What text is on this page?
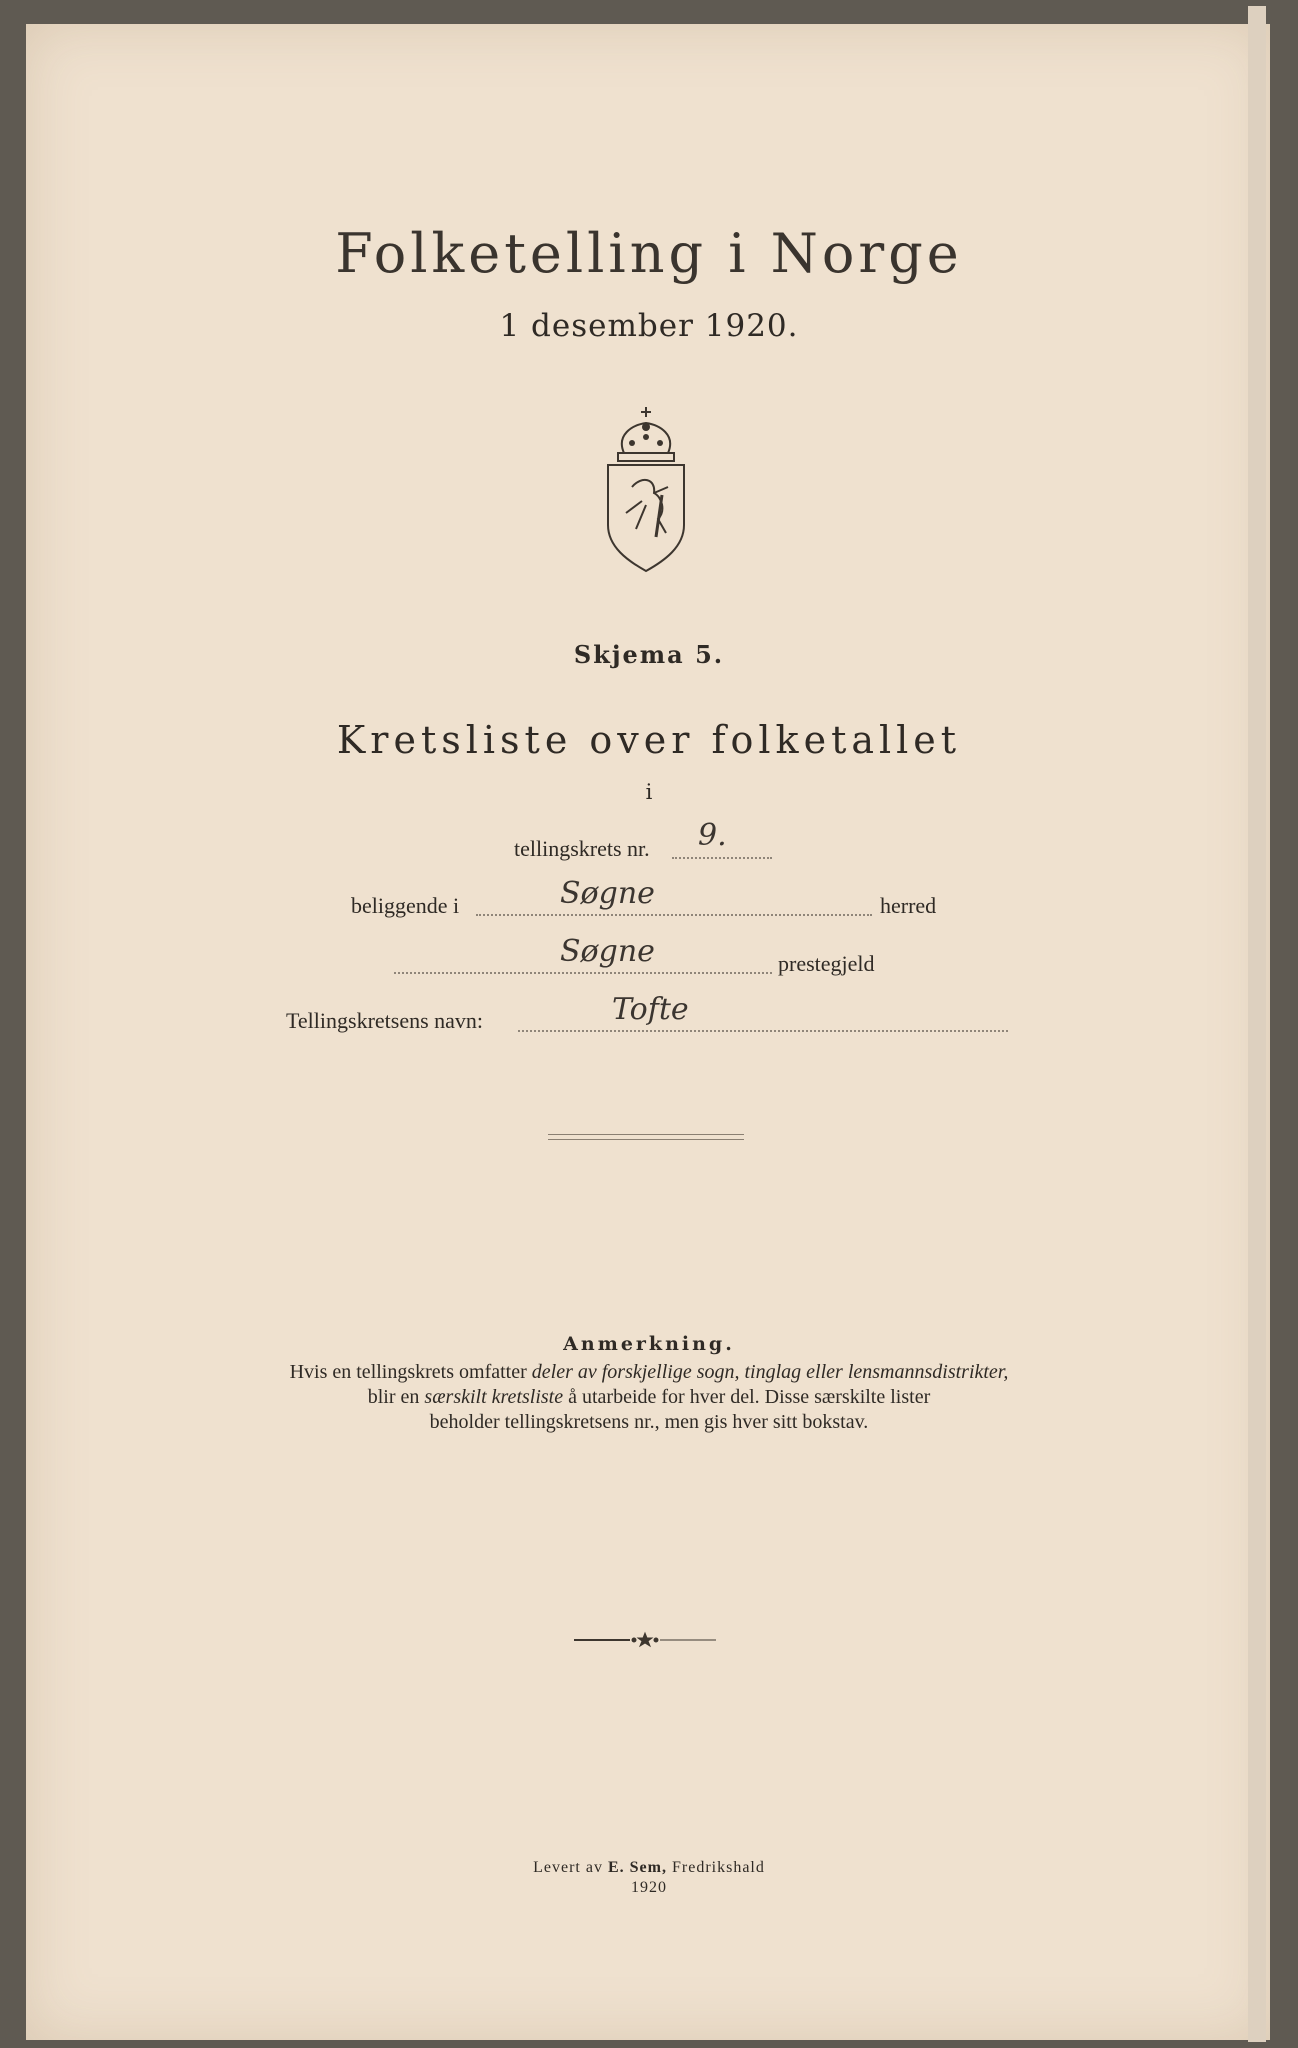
Folketelling i Norge
1 desember 1920.
Skjema 5.
Kretsliste over folketallet
i
tellingskrets nr. 9.
beliggende i	Søgne	herred
Søgne	prestegjeld
Tellingskretsens navn:	Tofte
Anmerkning.
Hvis en tellingskrets omfatter deler av forskjellige sogn, tinglag eller lensmannsdistrikter,
blir en særskilt kretsliste å utarbeide for hver del. Disse særskilte lister
beholder tellingskretsens nr., men gis hver sitt bokstav.
Levert av E. Sem, Fredrikshald
1920
